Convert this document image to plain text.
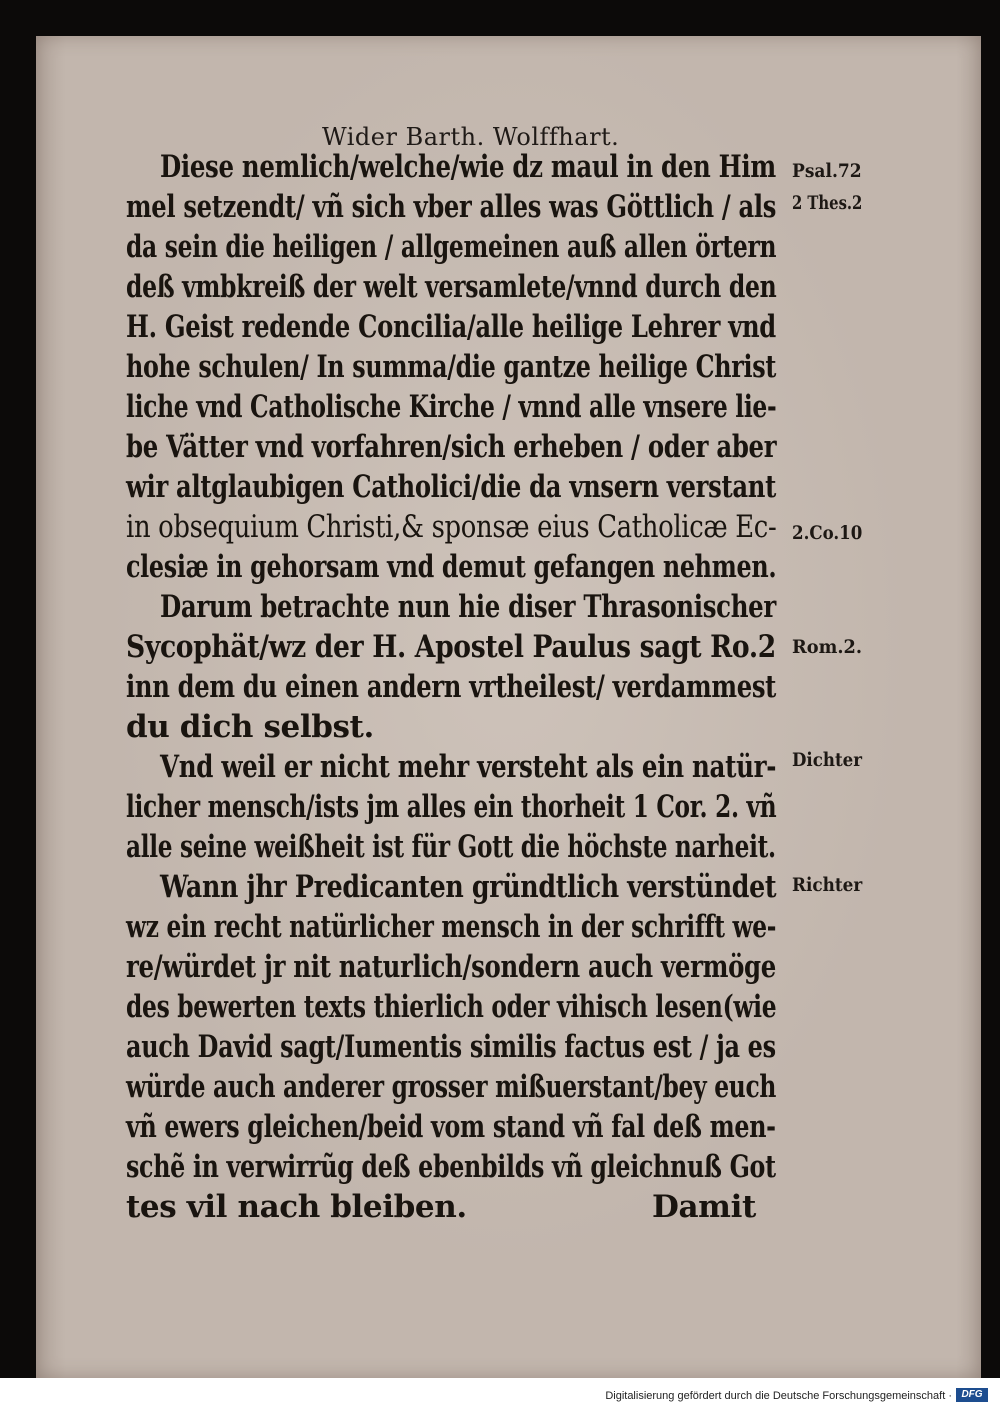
Wider Barth. Wolffhart.
Diese nemlich/welche/wie dz maul in den Him
mel setzendt/ vñ sich vber alles was Göttlich / als
da sein die heiligen / allgemeinen auß allen örtern
deß vmbkreiß der welt versamlete/vnnd durch den
H. Geist redende Concilia/alle heilige Lehrer vnd
hohe schulen/ In summa/die gantze heilige Christ
liche vnd Catholische Kirche / vnnd alle vnsere lie-
be Vätter vnd vorfahren/sich erheben / oder aber
wir altglaubigen Catholici/die da vnsern verstant
in obsequium Christi,& sponsæ eius Catholicæ Ec-
clesiæ in gehorsam vnd demut gefangen nehmen.
Darum betrachte nun hie diser Thrasonischer
Sycophät/wz der H. Apostel Paulus sagt Ro.2
inn dem du einen andern vrtheilest/ verdammest
du dich selbst.
Vnd weil er nicht mehr versteht als ein natür-
licher mensch/ists jm alles ein thorheit 1 Cor. 2. vñ
alle seine weißheit ist für Gott die höchste narheit.
Wann jhr Predicanten gründtlich verstündet
wz ein recht natürlicher mensch in der schrifft we-
re/würdet jr nit naturlich/sondern auch vermöge
des bewerten texts thierlich oder vihisch lesen(wie
auch David sagt/Iumentis similis factus est / ja es
würde auch anderer grosser mißuerstant/bey euch
vñ ewers gleichen/beid vom stand vñ fal deß men-
schẽ in verwirrũg deß ebenbilds vñ gleichnuß Got
tes vil nach bleiben.	Damit
Psal.72
2 Thes.2
2.Co.10
Rom.2.
Dichter
Richter
Digitalisierung gefördert durch die Deutsche Forschungsgemeinschaft · DFG
